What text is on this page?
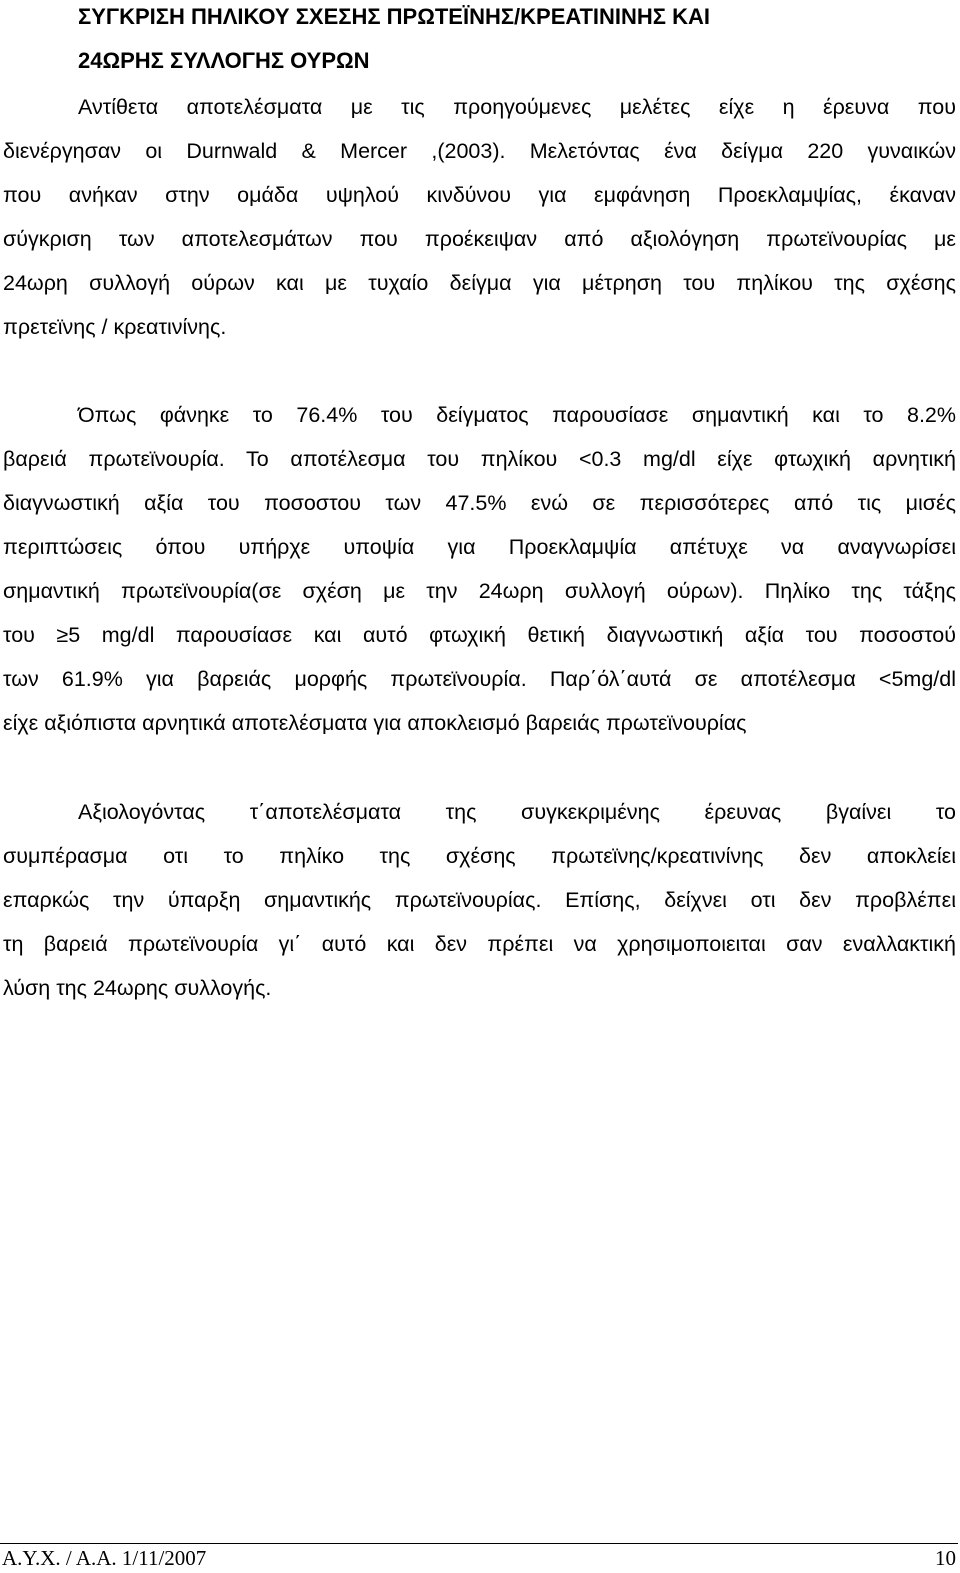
ΣΥΓΚΡΙΣΗ ΠΗΛΙΚΟΥ ΣΧΕΣΗΣ ΠΡΩΤΕΪΝΗΣ/ΚΡΕΑΤΙΝΙΝΗΣ ΚΑΙ
24ΩΡΗΣ ΣΥΛΛΟΓΗΣ ΟΥΡΩΝ
Αντίθετα αποτελέσματα με τις προηγούμενες μελέτες είχε η έρευνα που
διενέργησαν οι Durnwald & Mercer ,(2003). Μελετόντας ένα δείγμα 220 γυναικών
που ανήκαν στην ομάδα υψηλού κινδύνου για εμφάνηση Προεκλαμψίας, έκαναν
σύγκριση των αποτελεσμάτων που προέκειψαν από αξιολόγηση πρωτεϊνουρίας με
24ωρη συλλογή ούρων και με τυχαίο δείγμα για μέτρηση του πηλίκου της σχέσης
πρετεϊνης / κρεατινίνης.
Όπως φάνηκε το 76.4% του δείγματος παρουσίασε σημαντική και το 8.2%
βαρειά πρωτεϊνουρία. Το αποτέλεσμα του πηλίκου <0.3 mg/dl είχε φτωχική αρνητική
διαγνωστική αξία του ποσοστου των 47.5% ενώ σε περισσότερες από τις μισές
περιπτώσεις όπου υπήρχε υποψία για Προεκλαμψία απέτυχε να αναγνωρίσει
σημαντική πρωτεϊνουρία(σε σχέση με την 24ωρη συλλογή ούρων). Πηλίκο της τάξης
του ≥5 mg/dl παρουσίασε και αυτό φτωχική θετική διαγνωστική αξία του ποσοστού
των 61.9% για βαρειάς μορφής πρωτεϊνουρία. Παρ΄όλ΄αυτά σε αποτέλεσμα <5mg/dl
είχε αξιόπιστα αρνητικά αποτελέσματα για αποκλεισμό βαρειάς πρωτεϊνουρίας
Αξιολογόντας τ΄αποτελέσματα της συγκεκριμένης έρευνας βγαίνει το
συμπέρασμα οτι το πηλίκο της σχέσης πρωτεϊνης/κρεατινίνης δεν αποκλείει
επαρκώς την ύπαρξη σημαντικής πρωτεϊνουρίας. Επίσης, δείχνει οτι δεν προβλέπει
τη βαρειά πρωτεϊνουρία γι΄ αυτό και δεν πρέπει να χρησιμοποιειται σαν εναλλακτική
λύση της 24ωρης συλλογής.
Α.Υ.Χ. / Α.Α. 1/11/2007	10
